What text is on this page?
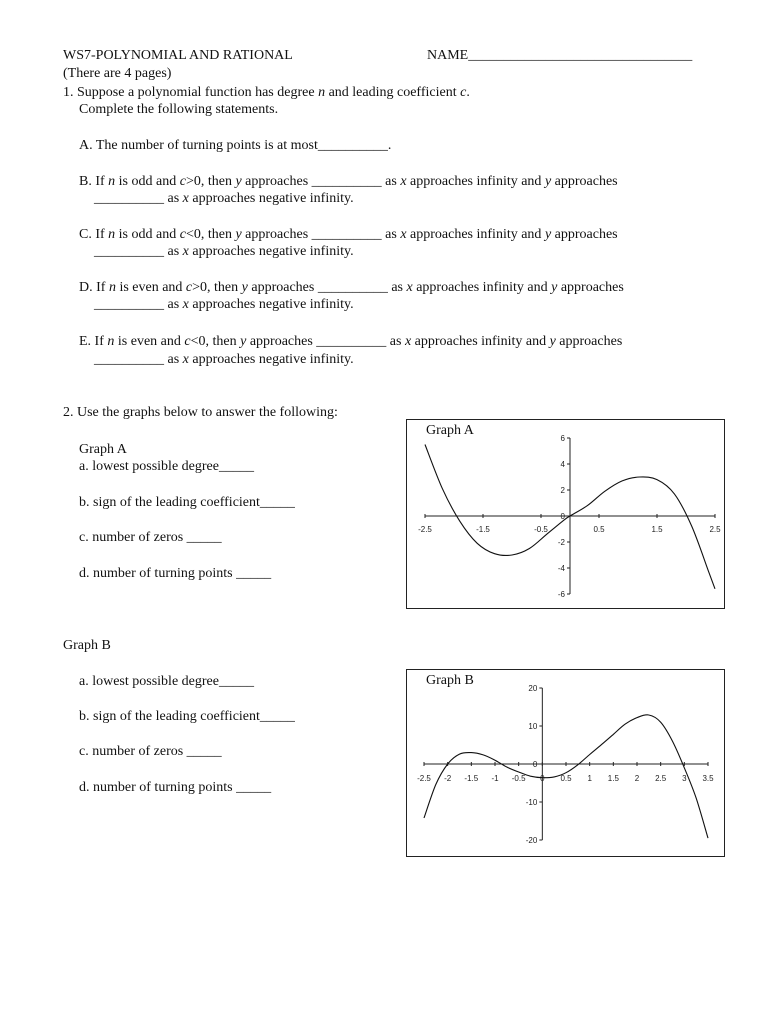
WS7-POLYNOMIAL AND RATIONAL	NAME________________________________
(There are 4 pages)
1. Suppose a polynomial function has degree n and leading coefficient c.
Complete the following statements.
A. The number of turning points is at most__________.
B. If n is odd and c>0, then y approaches __________ as x approaches infinity and y approaches
__________ as x approaches negative infinity.
C. If n is odd and c<0, then y approaches __________ as x approaches infinity and y approaches
__________ as x approaches negative infinity.
D. If n is even and c>0, then y approaches __________ as x approaches infinity and y approaches
__________ as x approaches negative infinity.
E. If n is even and c<0, then y approaches __________ as x approaches infinity and y approaches
__________ as x approaches negative infinity.
2. Use the graphs below to answer the following:
Graph A
a. lowest possible degree_____
b. sign of the leading coefficient_____
c. number of zeros _____
d. number of turning points _____
Graph B
a. lowest possible degree_____
b. sign of the leading coefficient_____
c. number of zeros _____
d. number of turning points _____
Graph A
-2.5	-1.5	-0.5	0.5	1.5	2.5
6
4
2
0
-2
-4
-6
Graph B
-2.5 -2 -1.5 -1 -0.5 0 0.5 1 1.5 2 2.5 3 3.5
20
10
0
-10
-20
